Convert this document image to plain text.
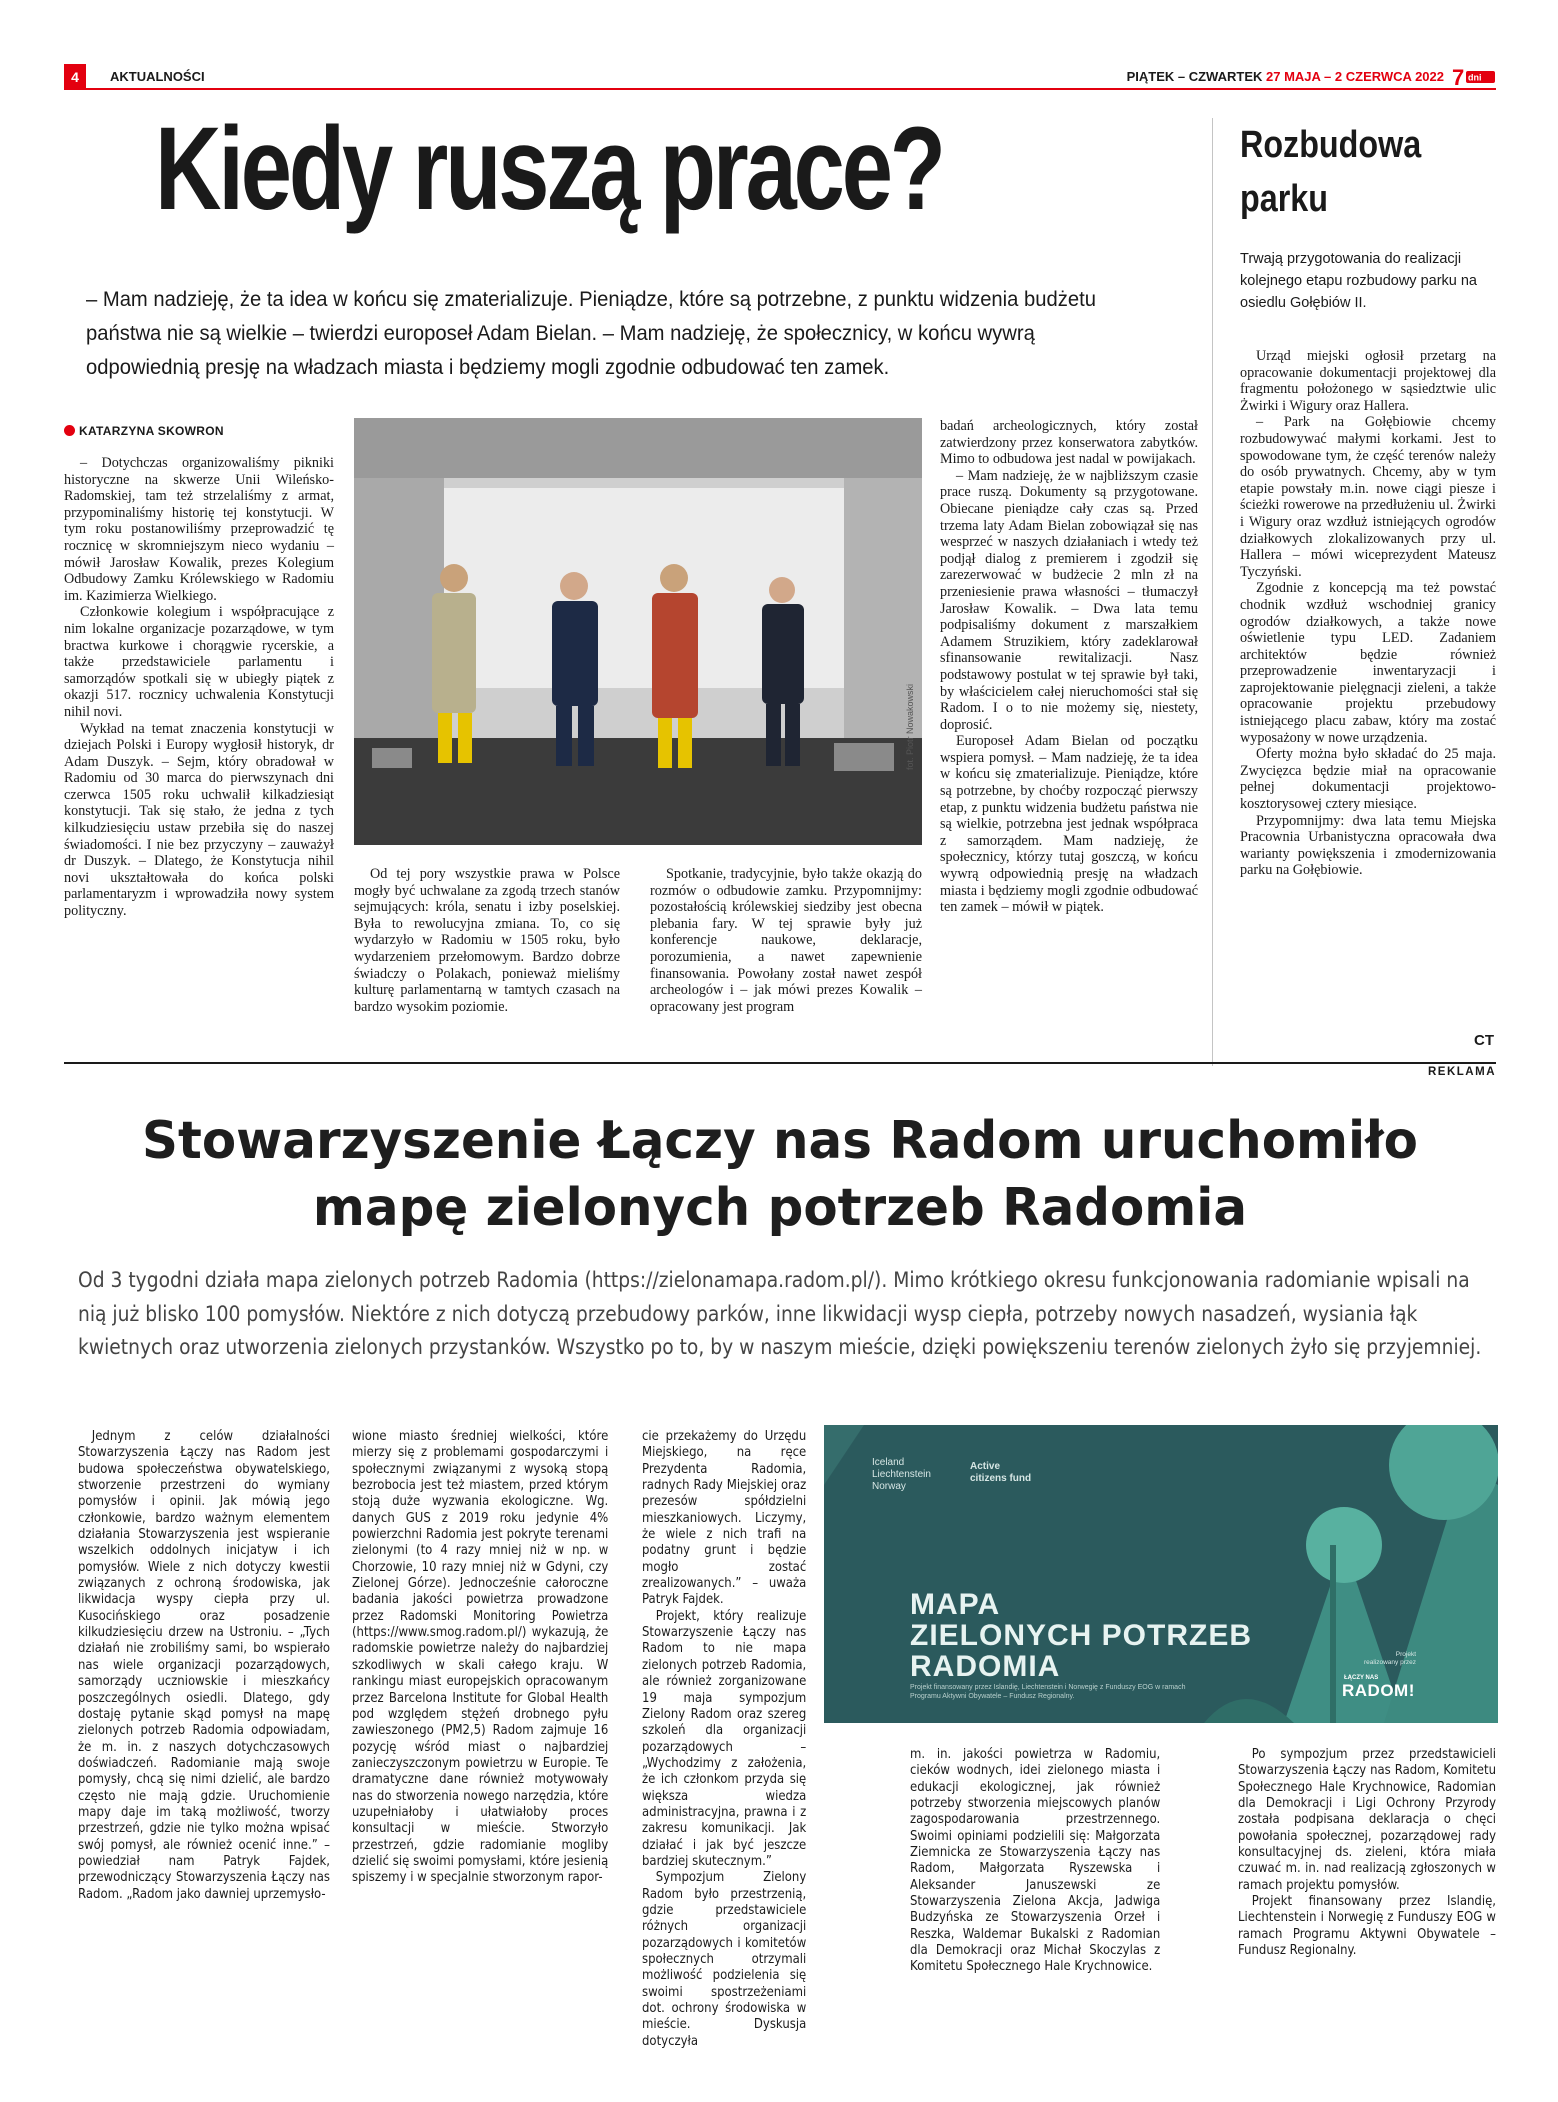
4	AKTUALNOŚCI	PIĄTEK – CZWARTEK 27 MAJA – 2 CZERWCA 2022 7 dni
Kiedy ruszą prace?

– Mam nadzieję, że ta idea w końcu się zmaterializuje. Pieniądze, które są potrzebne, z punktu widzenia budżetu państwa nie są wielkie – twierdzi europoseł Adam Bielan. – Mam nadzieję, że społecznicy, w końcu wywrą odpowiednią presję na władzach miasta i będziemy mogli zgodnie odbudować ten zamek.

KATARZYNA SKOWRON

– Dotychczas organizowaliśmy pikniki historyczne na skwerze Unii Wileńsko-Radomskiej, tam też strzelaliśmy z armat, przypominaliśmy historię tej konstytucji. W tym roku postanowiliśmy przeprowadzić tę rocznicę w skromniejszym nieco wydaniu – mówił Jarosław Kowalik, prezes Kolegium Odbudowy Zamku Królewskiego w Radomiu im. Kazimierza Wielkiego.

Członkowie kolegium i współpracujące z nim lokalne organizacje pozarządowe, w tym bractwa kurkowe i chorągwie rycerskie, a także przedstawiciele parlamentu i samorządów spotkali się w ubiegły piątek z okazji 517. rocznicy uchwalenia Konstytucji nihil novi.

Wykład na temat znaczenia konstytucji w dziejach Polski i Europy wygłosił historyk, dr Adam Duszyk. – Sejm, który obradował w Radomiu od 30 marca do pierwszynach dni czerwca 1505 roku uchwalił kilkadziesiąt konstytucji. Tak się stało, że jedna z tych kilkudziesięciu ustaw przebiła się do naszej świadomości. I nie bez przyczyny – zauważył dr Duszyk. – Dlatego, że Konstytucja nihil novi ukształtowała do końca polski parlamentaryzm i wprowadziła nowy system polityczny.

fot. Piotr Nowakowski

Od tej pory wszystkie prawa w Polsce mogły być uchwalane za zgodą trzech stanów sejmujących: króla, senatu i izby poselskiej. Była to rewolucyjna zmiana. To, co się wydarzyło w Radomiu w 1505 roku, było wydarzeniem przełomowym. Bardzo dobrze świadczy o Polakach, ponieważ mieliśmy kulturę parlamentarną w tamtych czasach na bardzo wysokim poziomie.

Spotkanie, tradycyjnie, było także okazją do rozmów o odbudowie zamku. Przypomnijmy: pozostałością królewskiej siedziby jest obecna plebania fary. W tej sprawie były już konferencje naukowe, deklaracje, porozumienia, a nawet zapewnienie finansowania. Powołany został nawet zespół archeologów i – jak mówi prezes Kowalik – opracowany jest program

badań archeologicznych, który został zatwierdzony przez konserwatora zabytków. Mimo to odbudowa jest nadal w powijakach.

– Mam nadzieję, że w najbliższym czasie prace ruszą. Dokumenty są przygotowane. Obiecane pieniądze cały czas są. Przed trzema laty Adam Bielan zobowiązał się nas wesprzeć w naszych działaniach i wtedy też podjął dialog z premierem i zgodził się zarezerwować w budżecie 2 mln zł na przeniesienie prawa własności – tłumaczył Jarosław Kowalik. – Dwa lata temu podpisaliśmy dokument z marszałkiem Adamem Struzikiem, który zadeklarował sfinansowanie rewitalizacji. Nasz podstawowy postulat w tej sprawie był taki, by właścicielem całej nieruchomości stał się Radom. I o to nie możemy się, niestety, doprosić.

Europoseł Adam Bielan od początku wspiera pomysł. – Mam nadzieję, że ta idea w końcu się zmaterializuje. Pieniądze, które są potrzebne, by choćby rozpocząć pierwszy etap, z punktu widzenia budżetu państwa nie są wielkie, potrzebna jest jednak współpraca z samorządem. Mam nadzieję, że społecznicy, którzy tutaj goszczą, w końcu wywrą odpowiednią presję na władzach miasta i będziemy mogli zgodnie odbudować ten zamek – mówił w piątek.

Rozbudowa
parku

Trwają przygotowania do realizacji kolejnego etapu rozbudowy parku na osiedlu Gołębiów II.

Urząd miejski ogłosił przetarg na opracowanie dokumentacji projektowej dla fragmentu położonego w sąsiedztwie ulic Żwirki i Wigury oraz Hallera.

– Park na Gołębiowie chcemy rozbudowywać małymi korkami. Jest to spowodowane tym, że część terenów należy do osób prywatnych. Chcemy, aby w tym etapie powstały m.in. nowe ciągi piesze i ścieżki rowerowe na przedłużeniu ul. Żwirki i Wigury oraz wzdłuż istniejących ogrodów działkowych zlokalizowanych przy ul. Hallera – mówi wiceprezydent Mateusz Tyczyński.

Zgodnie z koncepcją ma też powstać chodnik wzdłuż wschodniej granicy ogrodów działkowych, a także nowe oświetlenie typu LED. Zadaniem architektów będzie również przeprowadzenie inwentaryzacji i zaprojektowanie pielęgnacji zieleni, a także opracowanie projektu przebudowy istniejącego placu zabaw, który ma zostać wyposażony w nowe urządzenia.

Oferty można było składać do 25 maja. Zwycięzca będzie miał na opracowanie pełnej dokumentacji projektowo-kosztorysowej cztery miesiące.

Przypomnijmy: dwa lata temu Miejska Pracownia Urbanistyczna opracowała dwa warianty powiększenia i zmodernizowania parku na Gołębiowie.

CT
REKLAMA
Stowarzyszenie Łączy nas Radom uruchomiło
mapę zielonych potrzeb Radomia

Od 3 tygodni działa mapa zielonych potrzeb Radomia (https://zielonamapa.radom.pl/). Mimo krótkiego okresu funkcjonowania radomianie wpisali na nią już blisko 100 pomysłów. Niektóre z nich dotyczą przebudowy parków, inne likwidacji wysp ciepła, potrzeby nowych nasadzeń, wysiania łąk kwietnych oraz utworzenia zielonych przystanków. Wszystko po to, by w naszym mieście, dzięki powiększeniu terenów zielonych żyło się przyjemniej.

Jednym z celów działalności Stowarzyszenia Łączy nas Radom jest budowa społeczeństwa obywatelskiego, stworzenie przestrzeni do wymiany pomysłów i opinii. Jak mówią jego członkowie, bardzo ważnym elementem działania Stowarzyszenia jest wspieranie wszelkich oddolnych inicjatyw i ich pomysłów. Wiele z nich dotyczy kwestii związanych z ochroną środowiska, jak likwidacja wyspy ciepła przy ul. Kusocińskiego oraz posadzenie kilkudziesięciu drzew na Ustroniu. – „Tych działań nie zrobiliśmy sami, bo wspierało nas wiele organizacji pozarządowych, samorządy uczniowskie i mieszkańcy poszczególnych osiedli. Dlatego, gdy dostaję pytanie skąd pomysł na mapę zielonych potrzeb Radomia odpowiadam, że m. in. z naszych dotychczasowych doświadczeń. Radomianie mają swoje pomysły, chcą się nimi dzielić, ale bardzo często nie mają gdzie. Uruchomienie mapy daje im taką możliwość, tworzy przestrzeń, gdzie nie tylko można wpisać swój pomysł, ale również ocenić inne.” – powiedział nam Patryk Fajdek, przewodniczący Stowarzyszenia Łączy nas Radom. „Radom jako dawniej uprzemysło-

wione miasto średniej wielkości, które mierzy się z problemami gospodarczymi i społecznymi związanymi z wysoką stopą bezrobocia jest też miastem, przed którym stoją duże wyzwania ekologiczne. Wg. danych GUS z 2019 roku jedynie 4% powierzchni Radomia jest pokryte terenami zielonymi (to 4 razy mniej niż w np. w Chorzowie, 10 razy mniej niż w Gdyni, czy Zielonej Górze). Jednocześnie całoroczne badania jakości powietrza prowadzone przez Radomski Monitoring Powietrza (https://www.smog.radom.pl/) wykazują, że radomskie powietrze należy do najbardziej szkodliwych w skali całego kraju. W rankingu miast europejskich opracowanym przez Barcelona Institute for Global Health pod względem stężeń drobnego pyłu zawieszonego (PM2,5) Radom zajmuje 16 pozycję wśród miast o najbardziej zanieczyszczonym powietrzu w Europie. Te dramatyczne dane również motywowały nas do stworzenia nowego narzędzia, które uzupełniałoby i ułatwiałoby proces konsultacji w mieście. Stworzyło przestrzeń, gdzie radomianie mogliby dzielić się swoimi pomysłami, które jesienią spiszemy i w specjalnie stworzonym rapor-

cie przekażemy do Urzędu Miejskiego, na ręce Prezydenta Radomia, radnych Rady Miejskiej oraz prezesów spółdzielni mieszkaniowych. Liczymy, że wiele z nich trafi na podatny grunt i będzie mogło zostać zrealizowanych.” – uważa Patryk Fajdek.

Projekt, który realizuje Stowarzyszenie Łączy nas Radom to nie mapa zielonych potrzeb Radomia, ale również zorganizowane 19 maja sympozjum Zielony Radom oraz szereg szkoleń dla organizacji pozarządowych – „Wychodzimy z założenia, że ich członkom przyda się większa wiedza administracyjna, prawna i z zakresu komunikacji. Jak działać i jak być jeszcze bardziej skutecznym.”

Sympozjum Zielony Radom było przestrzenią, gdzie przedstawiciele różnych organizacji pozarządowych i komitetów społecznych otrzymali możliwość podzielenia się swoimi spostrzeżeniami dot. ochrony środowiska w mieście. Dyskusja dotyczyła

Iceland
Liechtenstein
Norway
Active
citizens fund
MAPA
ZIELONYCH POTRZEB
RADOMIA
Projekt finansowany przez Islandię, Liechtenstein i Norwegię z Funduszy EOG w ramach Programu Aktywni Obywatele – Fundusz Regionalny.
Projekt realizowany przez
ŁĄCZY NAS
RADOM!

m. in. jakości powietrza w Radomiu, cieków wodnych, idei zielonego miasta i edukacji ekologicznej, jak również potrzeby stworzenia miejscowych planów zagospodarowania przestrzennego. Swoimi opiniami podzielili się: Małgorzata Ziemnicka ze Stowarzyszenia Łączy nas Radom, Małgorzata Ryszewska i Aleksander Januszewski ze Stowarzyszenia Zielona Akcja, Jadwiga Budzyńska ze Stowarzyszenia Orzeł i Reszka, Waldemar Bukalski z Radomian dla Demokracji oraz Michał Skoczylas z Komitetu Społecznego Hale Krychnowice.

Po sympozjum przez przedstawicieli Stowarzyszenia Łączy nas Radom, Komitetu Społecznego Hale Krychnowice, Radomian dla Demokracji i Ligi Ochrony Przyrody została podpisana deklaracja o chęci powołania społecznej, pozarządowej rady konsultacyjnej ds. zieleni, która miała czuwać m. in. nad realizacją zgłoszonych w ramach projektu pomysłów.

Projekt finansowany przez Islandię, Liechtenstein i Norwegię z Funduszy EOG w ramach Programu Aktywni Obywatele – Fundusz Regionalny.
